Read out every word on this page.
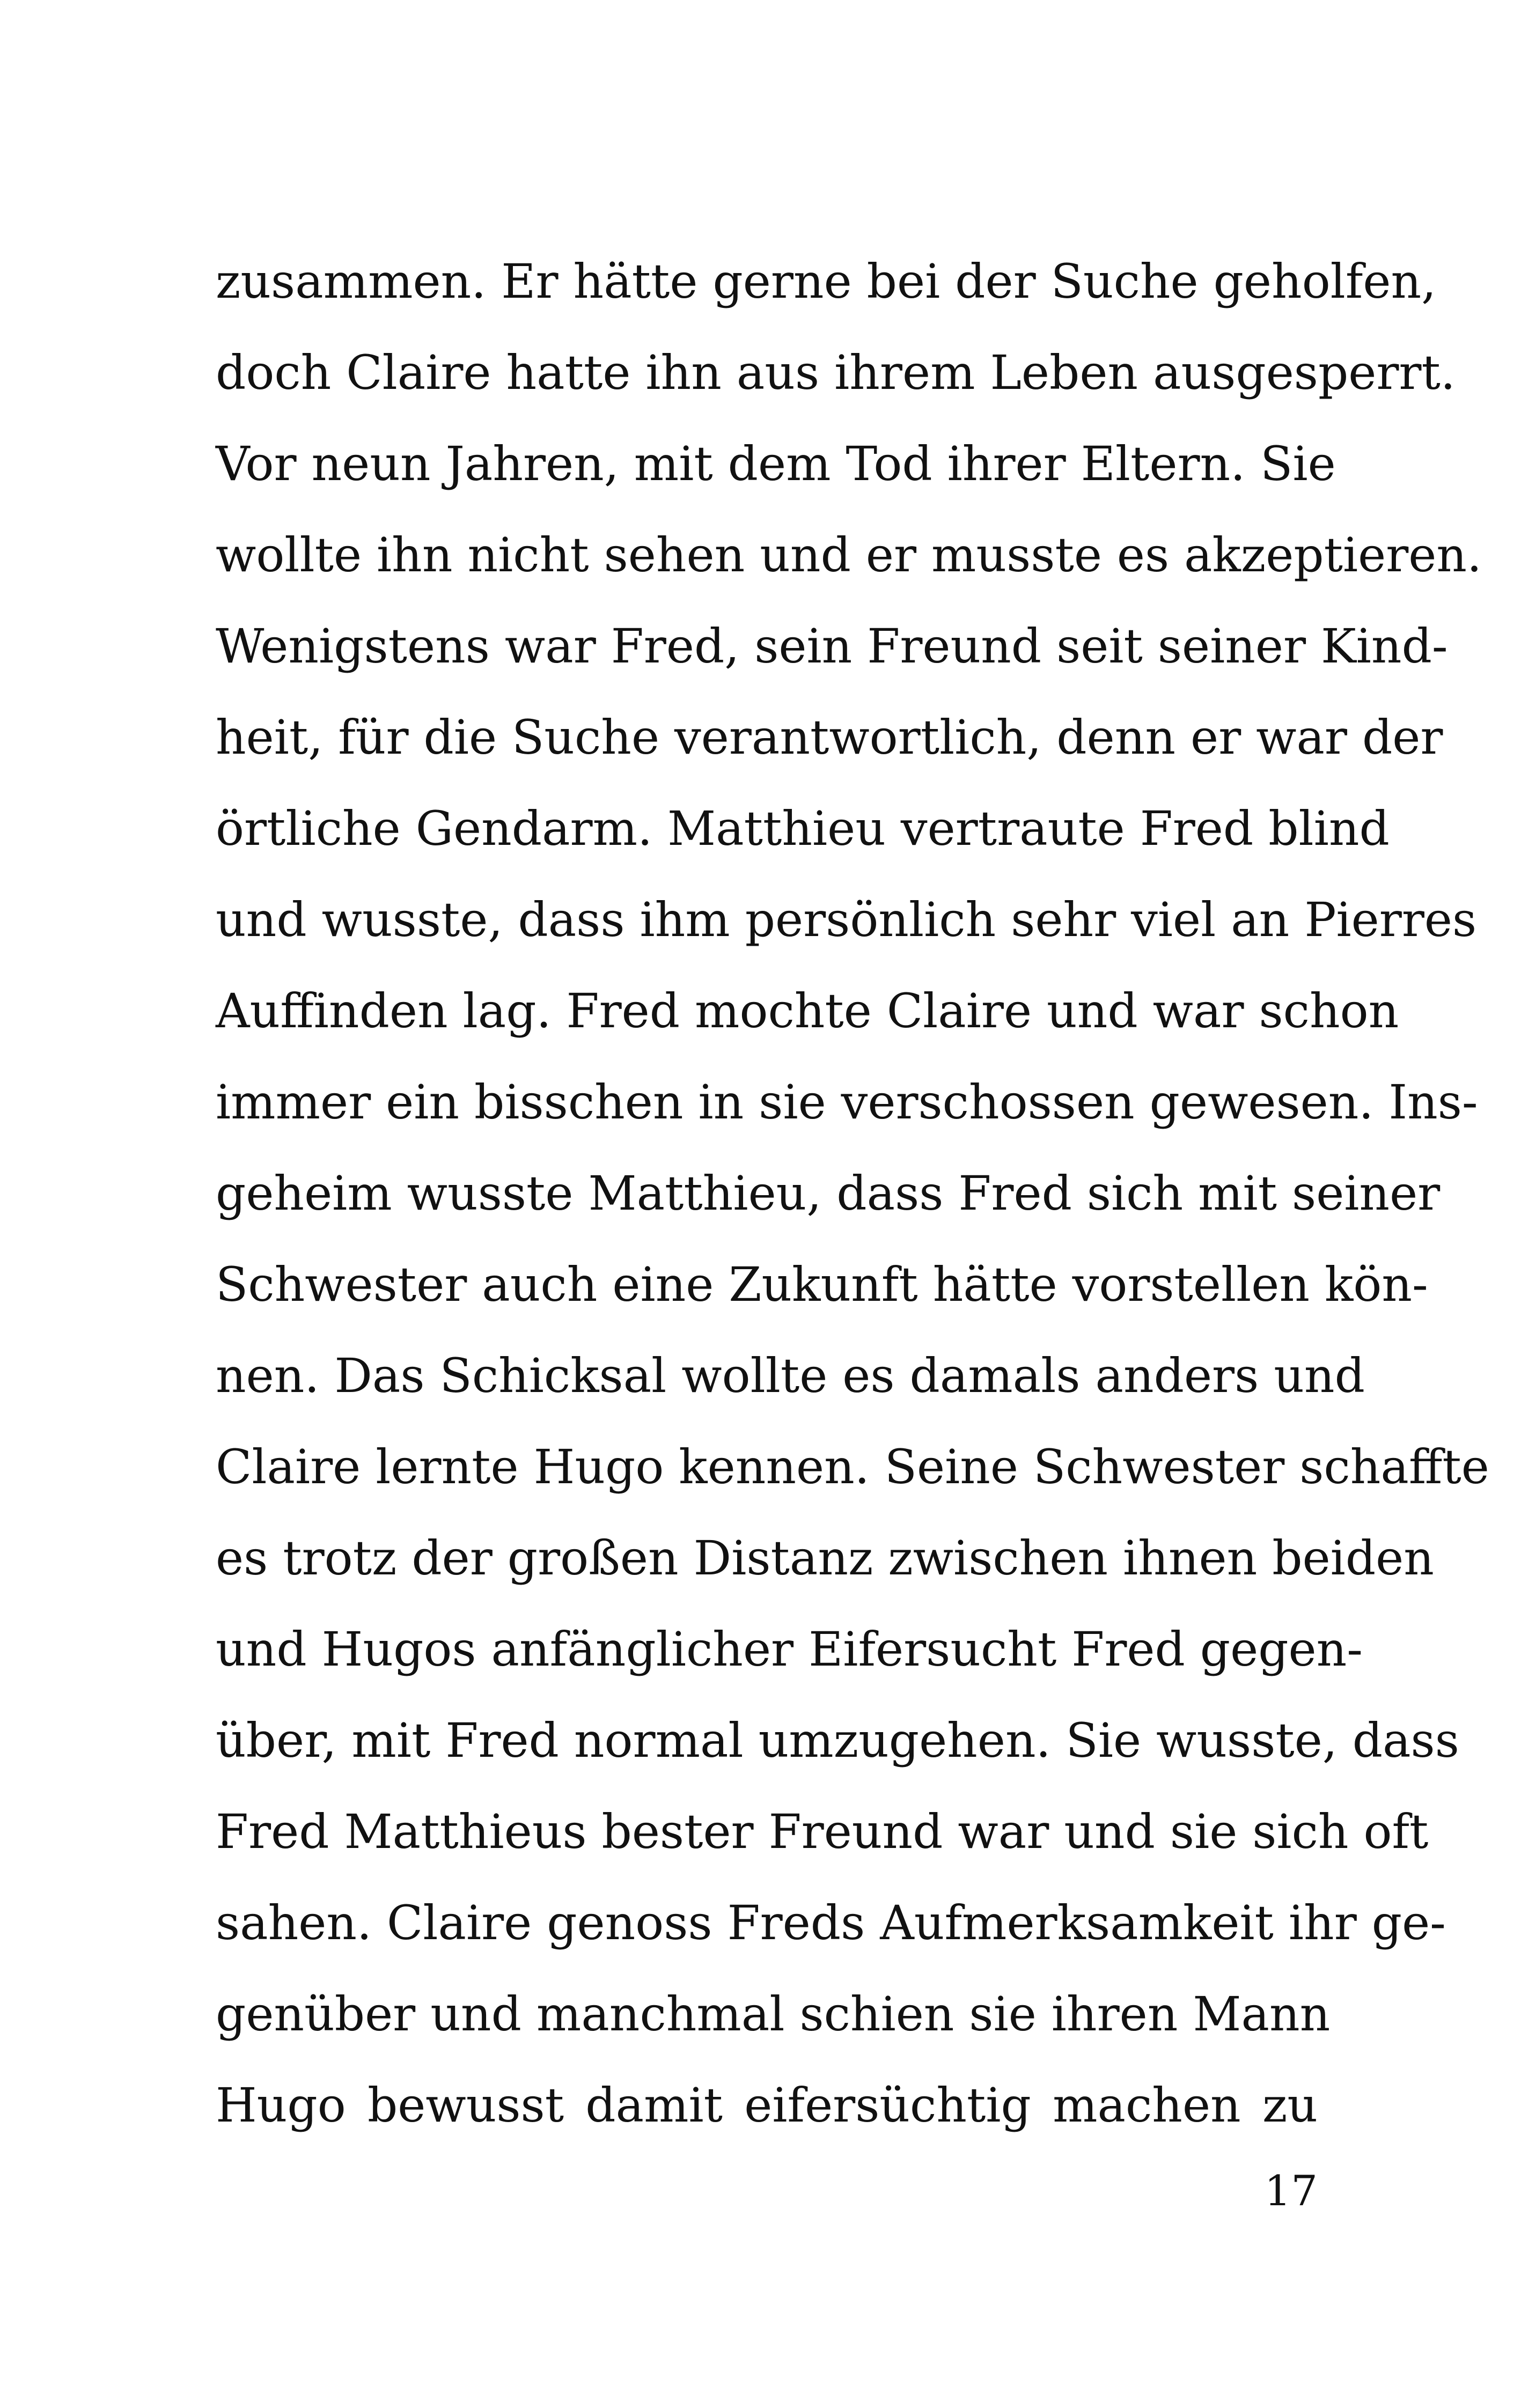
zusammen. Er hätte gerne bei der Suche geholfen,
doch Claire hatte ihn aus ihrem Leben ausgesperrt.
Vor neun Jahren, mit dem Tod ihrer Eltern. Sie
wollte ihn nicht sehen und er musste es akzeptieren.
Wenigstens war Fred, sein Freund seit seiner Kind-
heit, für die Suche verantwortlich, denn er war der
örtliche Gendarm. Matthieu vertraute Fred blind
und wusste, dass ihm persönlich sehr viel an Pierres
Auffinden lag. Fred mochte Claire und war schon
immer ein bisschen in sie verschossen gewesen. Ins-
geheim wusste Matthieu, dass Fred sich mit seiner
Schwester auch eine Zukunft hätte vorstellen kön-
nen. Das Schicksal wollte es damals anders und
Claire lernte Hugo kennen. Seine Schwester schaffte
es trotz der großen Distanz zwischen ihnen beiden
und Hugos anfänglicher Eifersucht Fred gegen-
über, mit Fred normal umzugehen. Sie wusste, dass
Fred Matthieus bester Freund war und sie sich oft
sahen. Claire genoss Freds Aufmerksamkeit ihr ge-
genüber und manchmal schien sie ihren Mann
Hugo bewusst damit eifersüchtig machen zu
17
